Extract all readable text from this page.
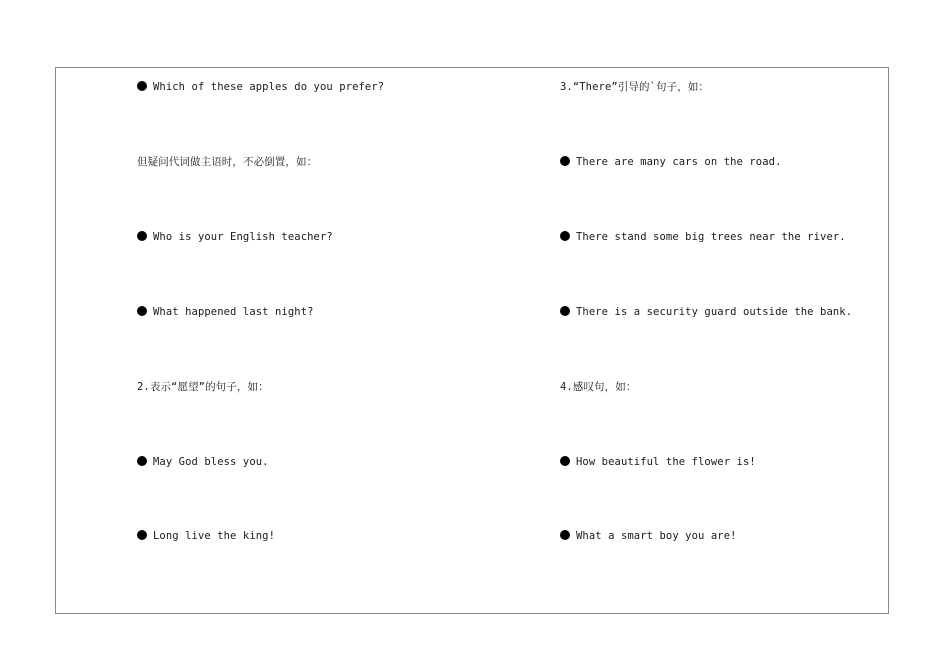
Which of these apples do you prefer?
但疑问代词做主语时，不必倒置，如：
Who is your English teacher?
What happened last night?
2.表示“愿望”的句子，如：
May God bless you.
Long live the king!
3.“There”引导的`句子，如：
There are many cars on the road.
There stand some big trees near the river.
There is a security guard outside the bank.
4.感叹句，如：
How beautiful the flower is!
What a smart boy you are!
